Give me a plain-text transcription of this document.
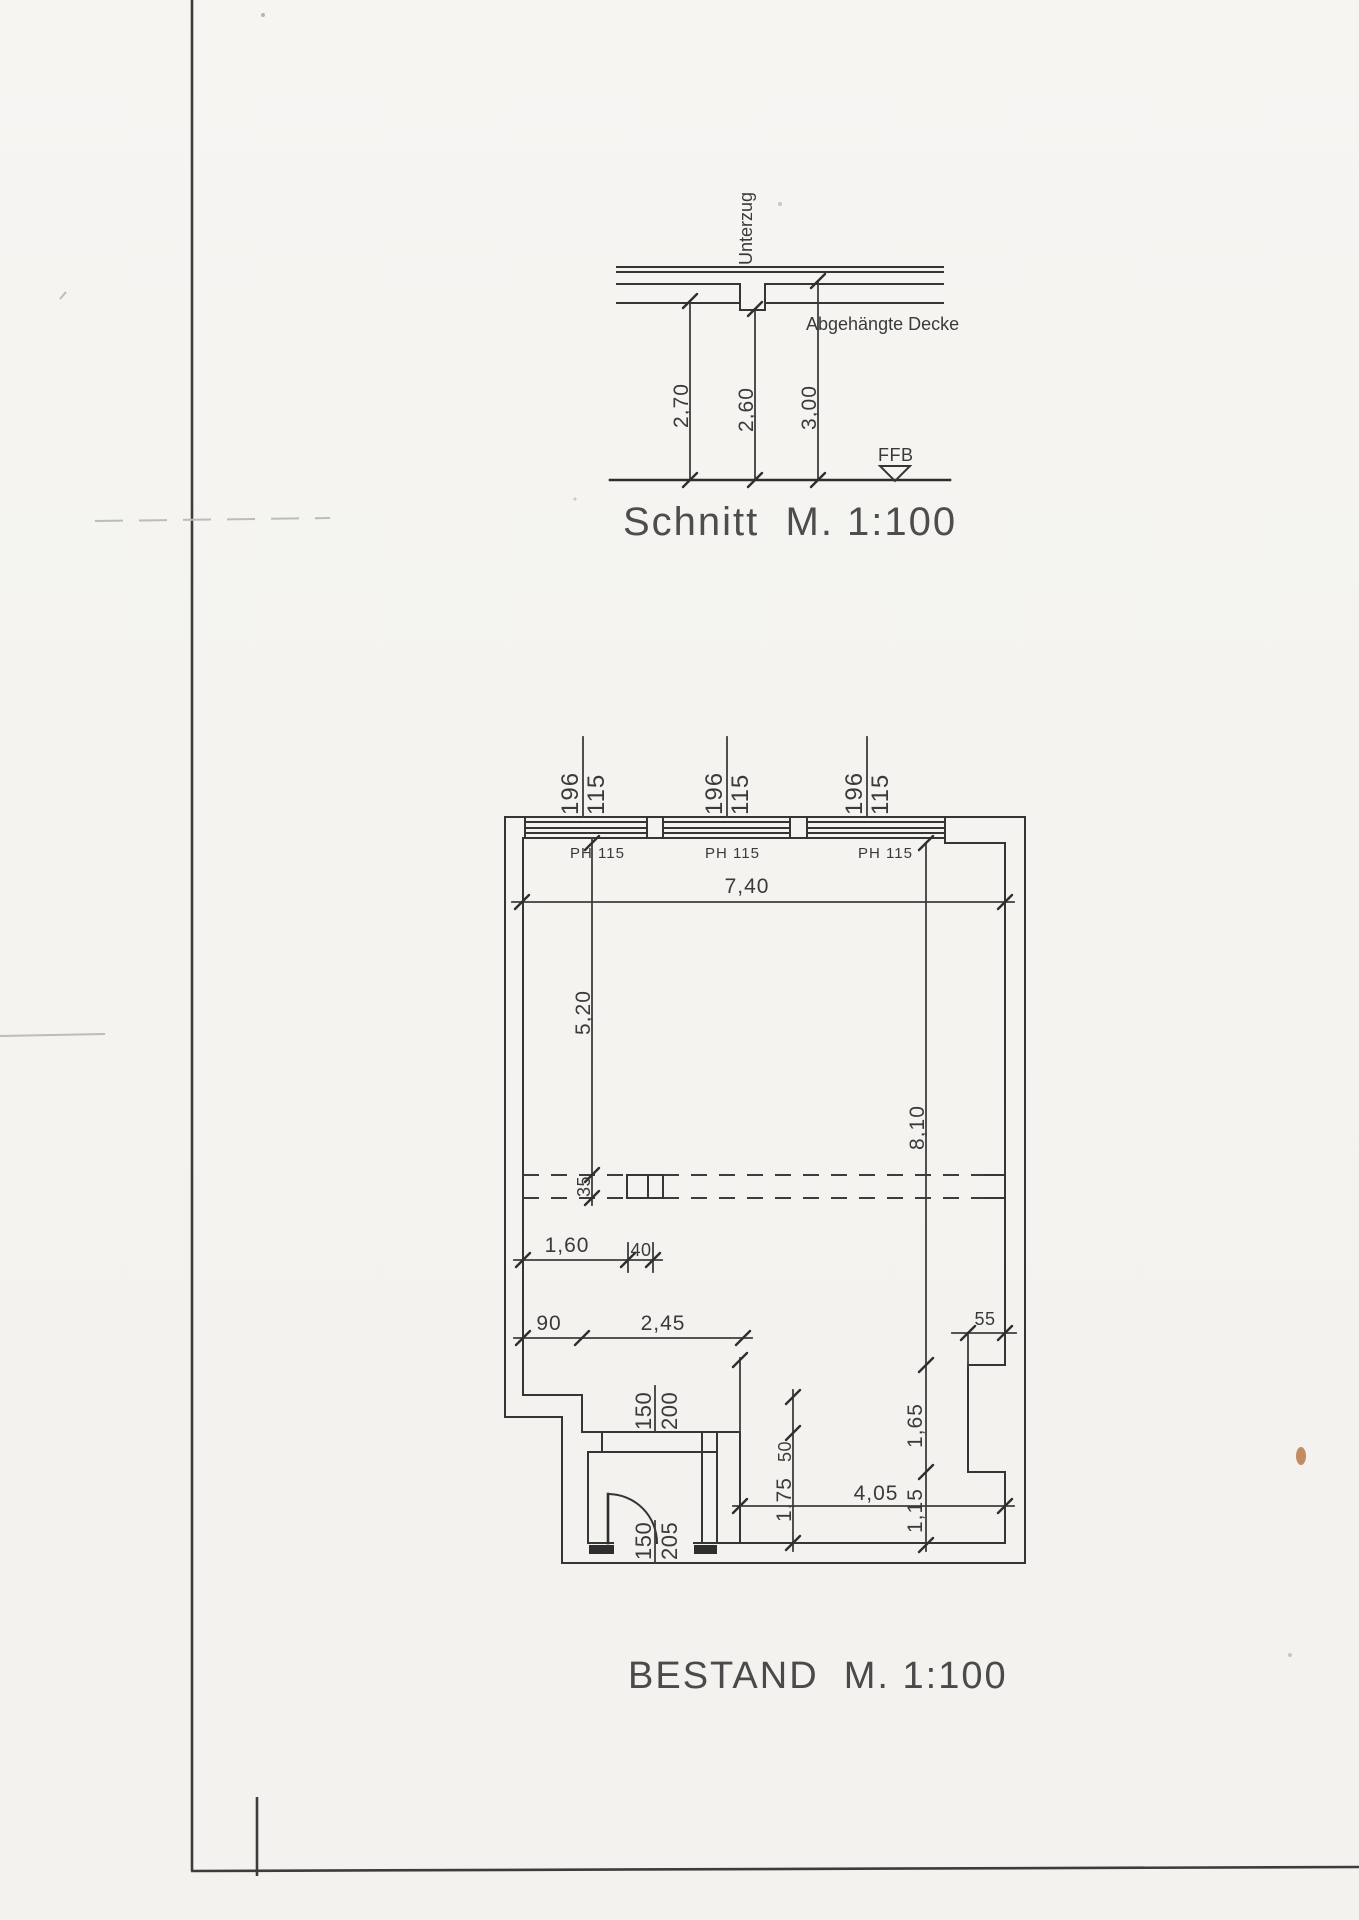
Unterzug
Abgehängte Decke
2,70 2,60 3,00
FFB
Schnitt  M. 1:100
196 115	196 115	196 115
PH 115	PH 115	PH 115
150 200
150 205
7,40
5,20
35
8,10
1,65
1,15
55
1,60 40
90	2,45
50
1,75	4,05
BESTAND  M. 1:100
